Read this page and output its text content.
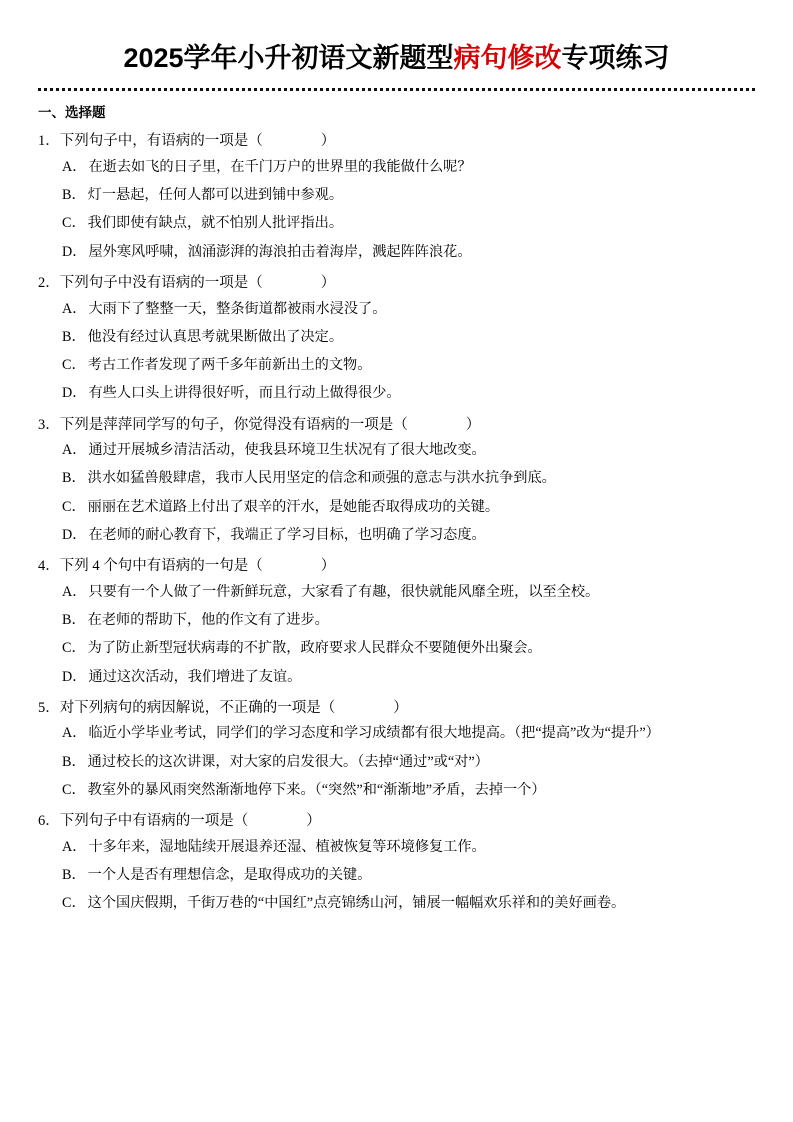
2025学年小升初语文新题型病句修改专项练习
一、选择题
1．下列句子中，有语病的一项是（	）
A． 在逝去如飞的日子里，在千门万户的世界里的我能做什么呢？
B． 灯一悬起，任何人都可以进到铺中参观。
C． 我们即使有缺点，就不怕别人批评指出。
D． 屋外寒风呼啸，汹涌澎湃的海浪拍击着海岸，溅起阵阵浪花。
2．下列句子中没有语病的一项是（	）
A． 大雨下了整整一天，整条街道都被雨水浸没了。
B． 他没有经过认真思考就果断做出了决定。
C． 考古工作者发现了两千多年前新出土的文物。
D． 有些人口头上讲得很好听，而且行动上做得很少。
3．下列是萍萍同学写的句子，你觉得没有语病的一项是（	）
A． 通过开展城乡清洁活动，使我县环境卫生状况有了很大地改变。
B． 洪水如猛兽般肆虐，我市人民用坚定的信念和顽强的意志与洪水抗争到底。
C． 丽丽在艺术道路上付出了艰辛的汗水，是她能否取得成功的关键。
D． 在老师的耐心教育下，我端正了学习目标，也明确了学习态度。
4．下列 4 个句中有语病的一句是（	）
A． 只要有一个人做了一件新鲜玩意，大家看了有趣，很快就能风靡全班，以至全校。
B． 在老师的帮助下，他的作文有了进步。
C． 为了防止新型冠状病毒的不扩散，政府要求人民群众不要随便外出聚会。
D． 通过这次活动，我们增进了友谊。
5．对下列病句的病因解说，不正确的一项是（	）
A． 临近小学毕业考试，同学们的学习态度和学习成绩都有很大地提高。（把“提高”改为“提升”）
B． 通过校长的这次讲课，对大家的启发很大。（去掉“通过”或“对”）
C． 教室外的暴风雨突然渐渐地停下来。（“突然”和“渐渐地”矛盾，去掉一个）
6．下列句子中有语病的一项是（	）
A． 十多年来，湿地陆续开展退养还湿、植被恢复等环境修复工作。
B． 一个人是否有理想信念，是取得成功的关键。
C． 这个国庆假期，千街万巷的“中国红”点亮锦绣山河，铺展一幅幅欢乐祥和的美好画卷。
